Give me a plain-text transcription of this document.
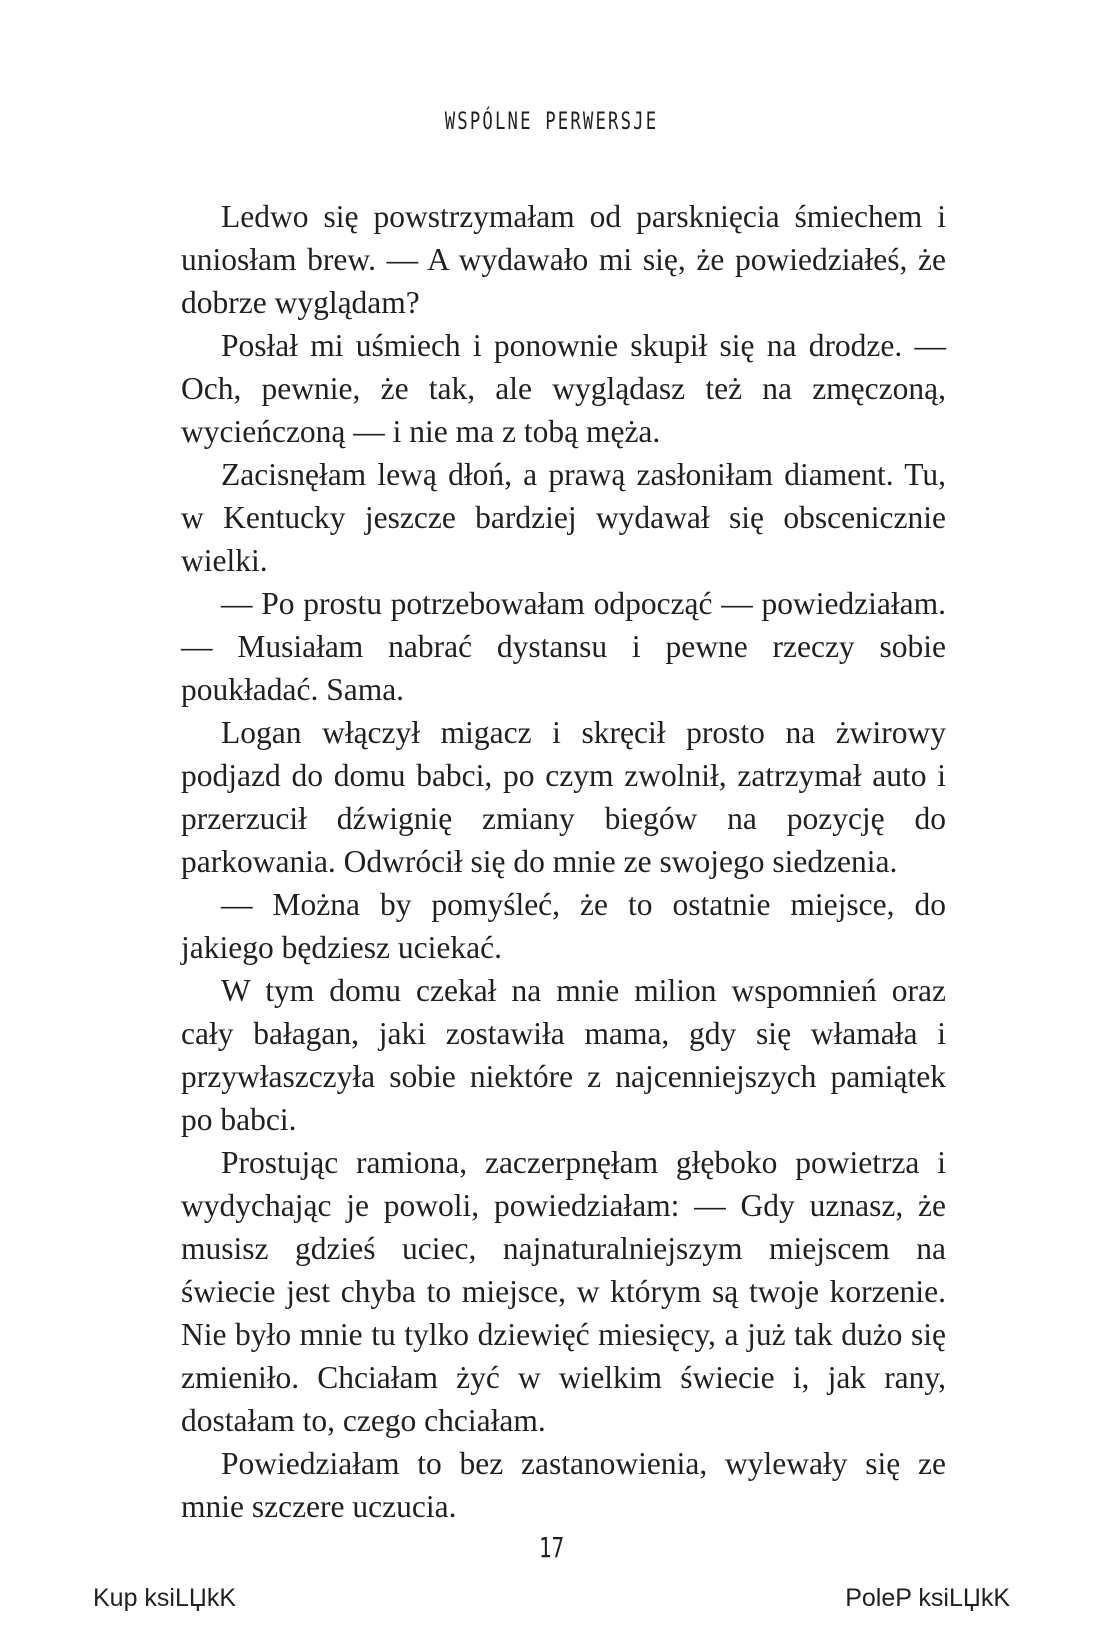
WSPÓLNE PERWERSJE

Ledwo się powstrzymałam od parsknięcia śmiechem i uniosłam brew. — A wydawało mi się, że powiedziałeś, że dobrze wyglądam?

Posłał mi uśmiech i ponownie skupił się na drodze. — Och, pewnie, że tak, ale wyglądasz też na zmęczoną, wycieńczoną — i nie ma z tobą męża.

Zacisnęłam lewą dłoń, a prawą zasłoniłam diament. Tu, w Kentucky jeszcze bardziej wydawał się obscenicznie wielki.

— Po prostu potrzebowałam odpocząć — powiedziałam. — Musiałam nabrać dystansu i pewne rzeczy sobie poukładać. Sama.

Logan włączył migacz i skręcił prosto na żwirowy podjazd do domu babci, po czym zwolnił, zatrzymał auto i przerzucił dźwignię zmiany biegów na pozycję do parkowania. Odwrócił się do mnie ze swojego siedzenia.

— Można by pomyśleć, że to ostatnie miejsce, do jakiego będziesz uciekać.

W tym domu czekał na mnie milion wspomnień oraz cały bałagan, jaki zostawiła mama, gdy się włamała i przywłaszczyła sobie niektóre z najcenniejszych pamiątek po babci.

Prostując ramiona, zaczerpnęłam głęboko powietrza i wydychając je powoli, powiedziałam: — Gdy uznasz, że musisz gdzieś uciec, najnaturalniejszym miejscem na świecie jest chyba to miejsce, w którym są twoje korzenie. Nie było mnie tu tylko dziewięć miesięcy, a już tak dużo się zmieniło. Chciałam żyć w wielkim świecie i, jak rany, dostałam to, czego chciałam.

Powiedziałam to bez zastanowienia, wylewały się ze mnie szczere uczucia.

17
Kup ksiLЏkK	PoleP ksiLЏkK
